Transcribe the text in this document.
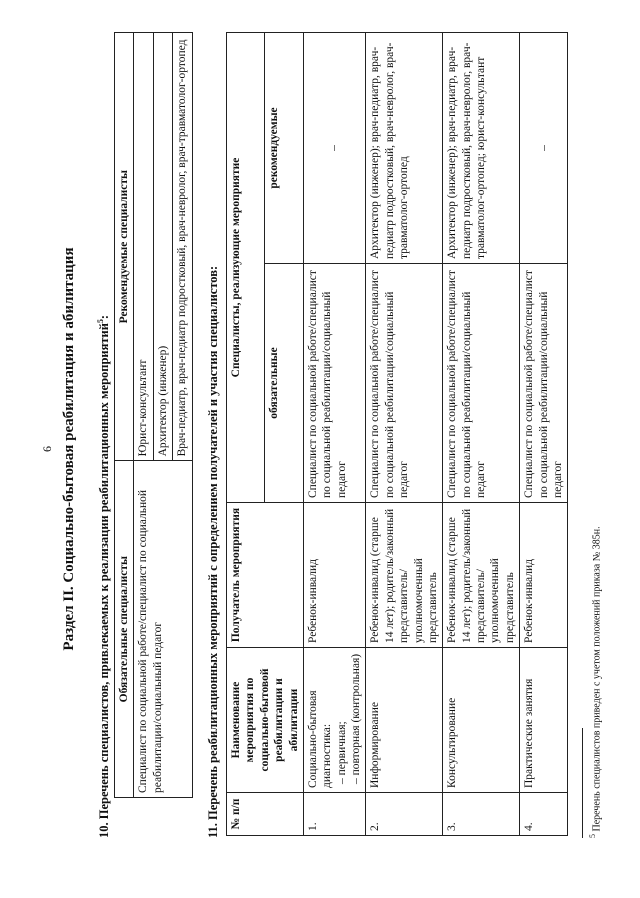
6 Раздел II. Социально-бытовая реабилитация и абилитация 10. Перечень специалистов, привлекаемых к реализации реабилитационных мероприятий$^5$:
Обязательные специалисты	Рекомендуемые специалисты
Специалист по социальной работе/специалист по социальной реабилитации/социальный педагог	Юрист-консультант
	Архитектор (инженер)
	Врач-педиатр, врач-педиатр подростковый, врач-невролог, врач-травматолог-ортопед
11. Перечень реабилитационных мероприятий с определением получателей и участия специалистов: № п/п	Наименование мероприятия по социально-бытовой реабилитации и абилитации	Получатель мероприятия	Специалисты, реализующие мероприятие	
			обязательные	рекомендуемые
1.	Социально-бытовая диагностика: – первичная; – повторная (контрольная)	Ребенок-инвалид	Специалист по социальной работе/специалист по социальной реабилитации/социальный педагог	–
2.	Информирование	Ребенок-инвалид (старше 14 лет); родитель/законный представитель/уполномоченный представитель	Специалист по социальной работе/специалист по социальной реабилитации/социальный педагог	Архитектор (инженер); врач-педиатр, врач-педиатр подростковый, врач-невролог, врач-травматолог-ортопед
3.	Консультирование	Ребенок-инвалид (старше 14 лет); родитель/законный представитель/уполномоченный представитель	Специалист по социальной работе/специалист по социальной реабилитации/социальный педагог	Архитектор (инженер); врач-педиатр, врач-педиатр подростковый, врач-невролог, врач-травматолог-ортопед; юрист-консультант
4.	Практические занятия	Ребенок-инвалид	Специалист по социальной работе/специалист по социальной реабилитации/социальный педагог	–
$^5$ Перечень специалистов приведен с учетом положений приказа № 385н.
